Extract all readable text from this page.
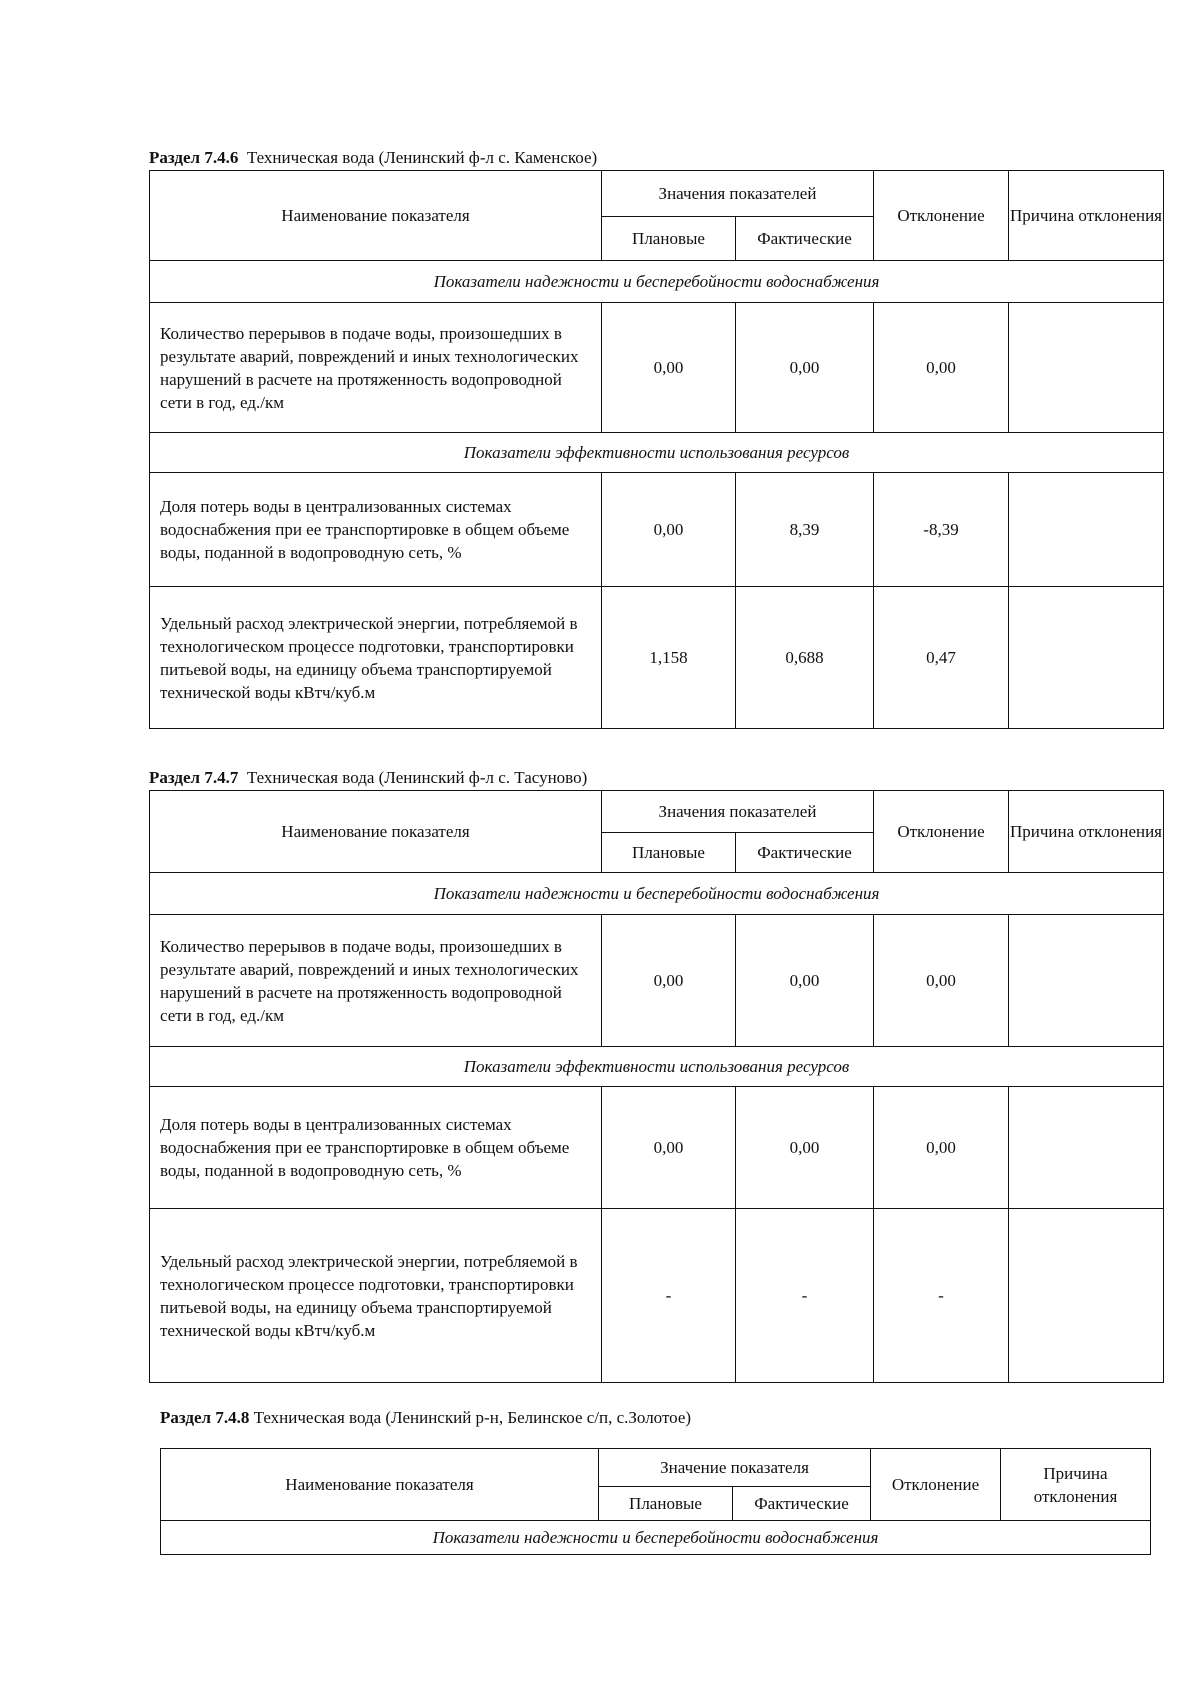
Раздел 7.4.6 Техническая вода (Ленинский ф-л с. Каменское)
Наименование показателя	Значения показателей		Отклонение	Причина отклонения
	Плановые	Фактические		
Показатели надежности и бесперебойности водоснабжения				
Количество перерывов в подаче воды, произошедших в результате аварий, повреждений и иных технологических нарушений в расчете на протяженность водопроводной сети в год, ед./км	0,00	0,00	0,00	
Показатели эффективности использования ресурсов				
Доля потерь воды в централизованных системах водоснабжения при ее транспортировке в общем объеме воды, поданной в водопроводную сеть, %	0,00	8,39	-8,39	
Удельный расход электрической энергии, потребляемой в технологическом процессе подготовки, транспортировки питьевой воды, на единицу объема транспортируемой технической воды кВтч/куб.м	1,158	0,688	0,47	
Раздел 7.4.7 Техническая вода (Ленинский ф-л с. Тасуново)
Наименование показателя	Значения показателей		Отклонение	Причина отклонения
	Плановые	Фактические		
Показатели надежности и бесперебойности водоснабжения				
Количество перерывов в подаче воды, произошедших в результате аварий, повреждений и иных технологических нарушений в расчете на протяженность водопроводной сети в год, ед./км	0,00	0,00	0,00	
Показатели эффективности использования ресурсов				
Доля потерь воды в централизованных системах водоснабжения при ее транспортировке в общем объеме воды, поданной в водопроводную сеть, %	0,00	0,00	0,00	
Удельный расход электрической энергии, потребляемой в технологическом процессе подготовки, транспортировки питьевой воды, на единицу объема транспортируемой технической воды кВтч/куб.м	-	-	-	
Раздел 7.4.8 Техническая вода (Ленинский р-н, Белинское с/п, с.Золотое)
Наименование показателя	Значение показателя		Отклонение	Причина отклонения
	Плановые	Фактические		
Показатели надежности и бесперебойности водоснабжения				
